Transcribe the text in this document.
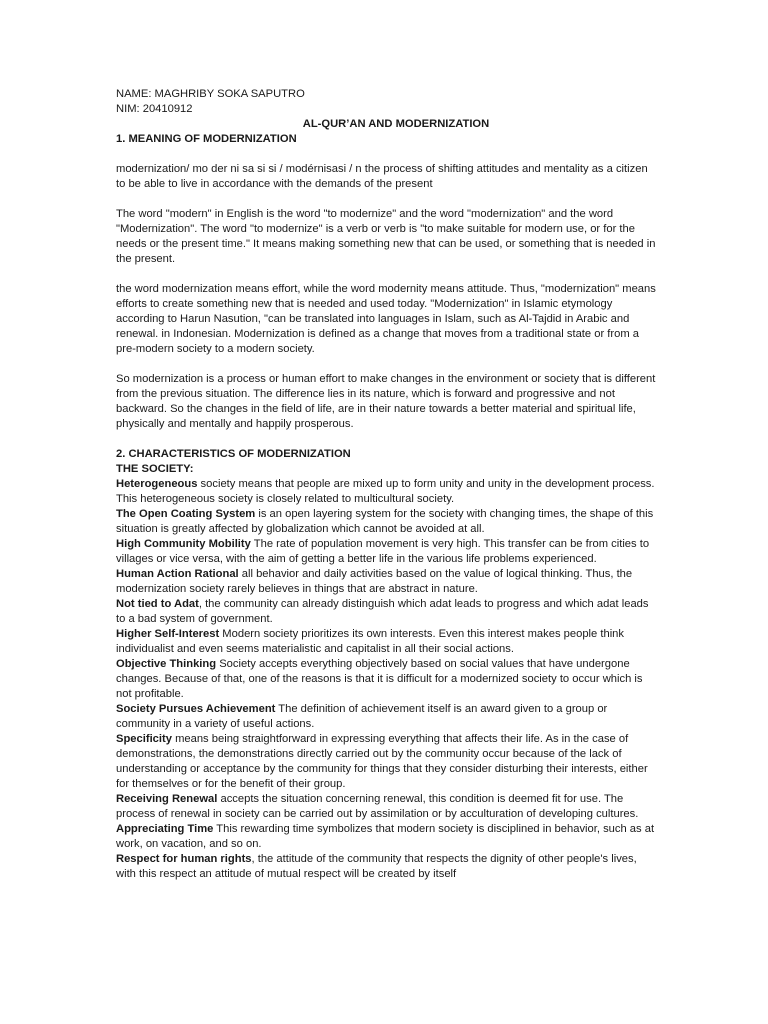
NAME: MAGHRIBY SOKA SAPUTRO

NIM: 20410912

AL-QUR’AN AND MODERNIZATION

1. MEANING OF MODERNIZATION

modernization/ mo der ni sa si si / modérnisasi / n the process of shifting attitudes and mentality as a citizen to be able to live in accordance with the demands of the present

The word "modern" in English is the word "to modernize" and the word "modernization" and the word "Modernization". The word "to modernize" is a verb or verb is "to make suitable for modern use, or for the needs or the present time." It means making something new that can be used, or something that is needed in the present.

the word modernization means effort, while the word modernity means attitude. Thus, "modernization" means efforts to create something new that is needed and used today. "Modernization" in Islamic etymology according to Harun Nasution, "can be translated into languages in Islam, such as Al-Tajdid in Arabic and renewal. in Indonesian. Modernization is defined as a change that moves from a traditional state or from a pre-modern society to a modern society.

So modernization is a process or human effort to make changes in the environment or society that is different from the previous situation. The difference lies in its nature, which is forward and progressive and not backward. So the changes in the field of life, are in their nature towards a better material and spiritual life, physically and mentally and happily prosperous.

2. CHARACTERISTICS OF MODERNIZATION

THE SOCIETY:

Heterogeneous society means that people are mixed up to form unity and unity in the development process. This heterogeneous society is closely related to multicultural society.

The Open Coating System is an open layering system for the society with changing times, the shape of this situation is greatly affected by globalization which cannot be avoided at all.

High Community Mobility The rate of population movement is very high. This transfer can be from cities to villages or vice versa, with the aim of getting a better life in the various life problems experienced.

Human Action Rational all behavior and daily activities based on the value of logical thinking. Thus, the modernization society rarely believes in things that are abstract in nature.

Not tied to Adat, the community can already distinguish which adat leads to progress and which adat leads to a bad system of government.

Higher Self-Interest Modern society prioritizes its own interests. Even this interest makes people think individualist and even seems materialistic and capitalist in all their social actions.

Objective Thinking Society accepts everything objectively based on social values that have undergone changes. Because of that, one of the reasons is that it is difficult for a modernized society to occur which is not profitable.

Society Pursues Achievement The definition of achievement itself is an award given to a group or community in a variety of useful actions.

Specificity means being straightforward in expressing everything that affects their life. As in the case of demonstrations, the demonstrations directly carried out by the community occur because of the lack of understanding or acceptance by the community for things that they consider disturbing their interests, either for themselves or for the benefit of their group.

Receiving Renewal accepts the situation concerning renewal, this condition is deemed fit for use. The process of renewal in society can be carried out by assimilation or by acculturation of developing cultures.

Appreciating Time This rewarding time symbolizes that modern society is disciplined in behavior, such as at work, on vacation, and so on.

Respect for human rights, the attitude of the community that respects the dignity of other people's lives, with this respect an attitude of mutual respect will be created by itself
